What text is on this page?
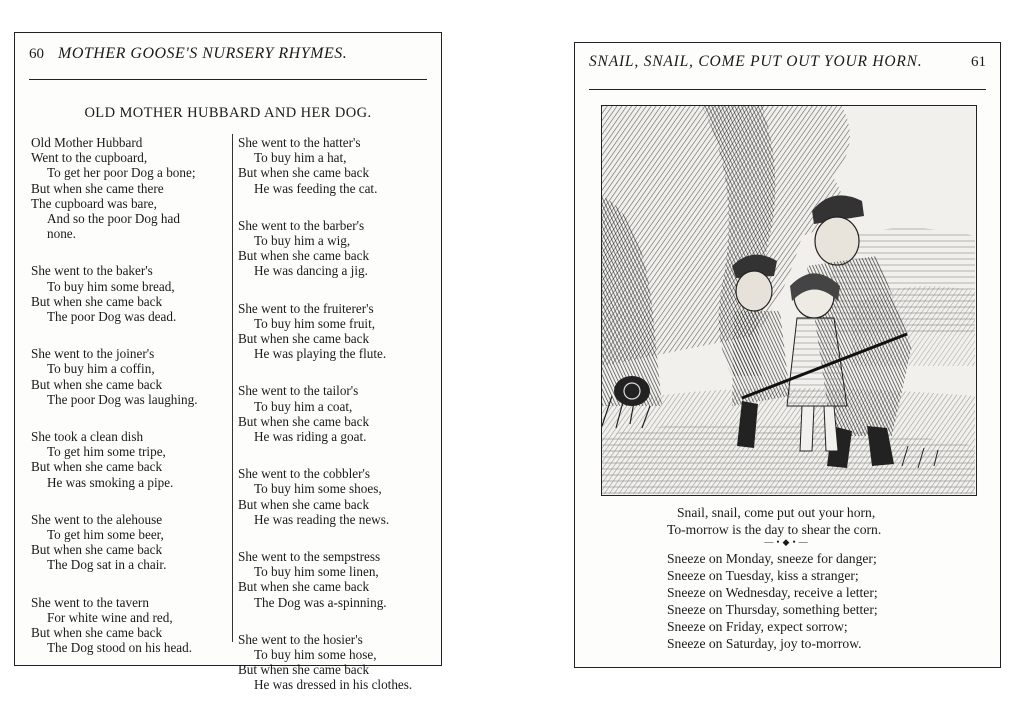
60 MOTHER GOOSE'S NURSERY RHYMES.
OLD MOTHER HUBBARD AND HER DOG.
Old Mother Hubbard
Went to the cupboard,
To get her poor Dog a bone;
But when she came there
The cupboard was bare,
And so the poor Dog had
none.
She went to the baker's
To buy him some bread,
But when she came back
The poor Dog was dead.
She went to the joiner's
To buy him a coffin,
But when she came back
The poor Dog was laughing.
She took a clean dish
To get him some tripe,
But when she came back
He was smoking a pipe.
She went to the alehouse
To get him some beer,
But when she came back
The Dog sat in a chair.
She went to the tavern
For white wine and red,
But when she came back
The Dog stood on his head.
She went to the hatter's
To buy him a hat,
But when she came back
He was feeding the cat.
She went to the barber's
To buy him a wig,
But when she came back
He was dancing a jig.
She went to the fruiterer's
To buy him some fruit,
But when she came back
He was playing the flute.
She went to the tailor's
To buy him a coat,
But when she came back
He was riding a goat.
She went to the cobbler's
To buy him some shoes,
But when she came back
He was reading the news.
She went to the sempstress
To buy him some linen,
But when she came back
The Dog was a-spinning.
She went to the hosier's
To buy him some hose,
But when she came back
He was dressed in his clothes.
SNAIL, SNAIL, COME PUT OUT YOUR HORN.	61
Snail, snail, come put out your horn,
To-morrow is the day to shear the corn.
—•◆•—
Sneeze on Monday, sneeze for danger;
Sneeze on Tuesday, kiss a stranger;
Sneeze on Wednesday, receive a letter;
Sneeze on Thursday, something better;
Sneeze on Friday, expect sorrow;
Sneeze on Saturday, joy to-morrow.
